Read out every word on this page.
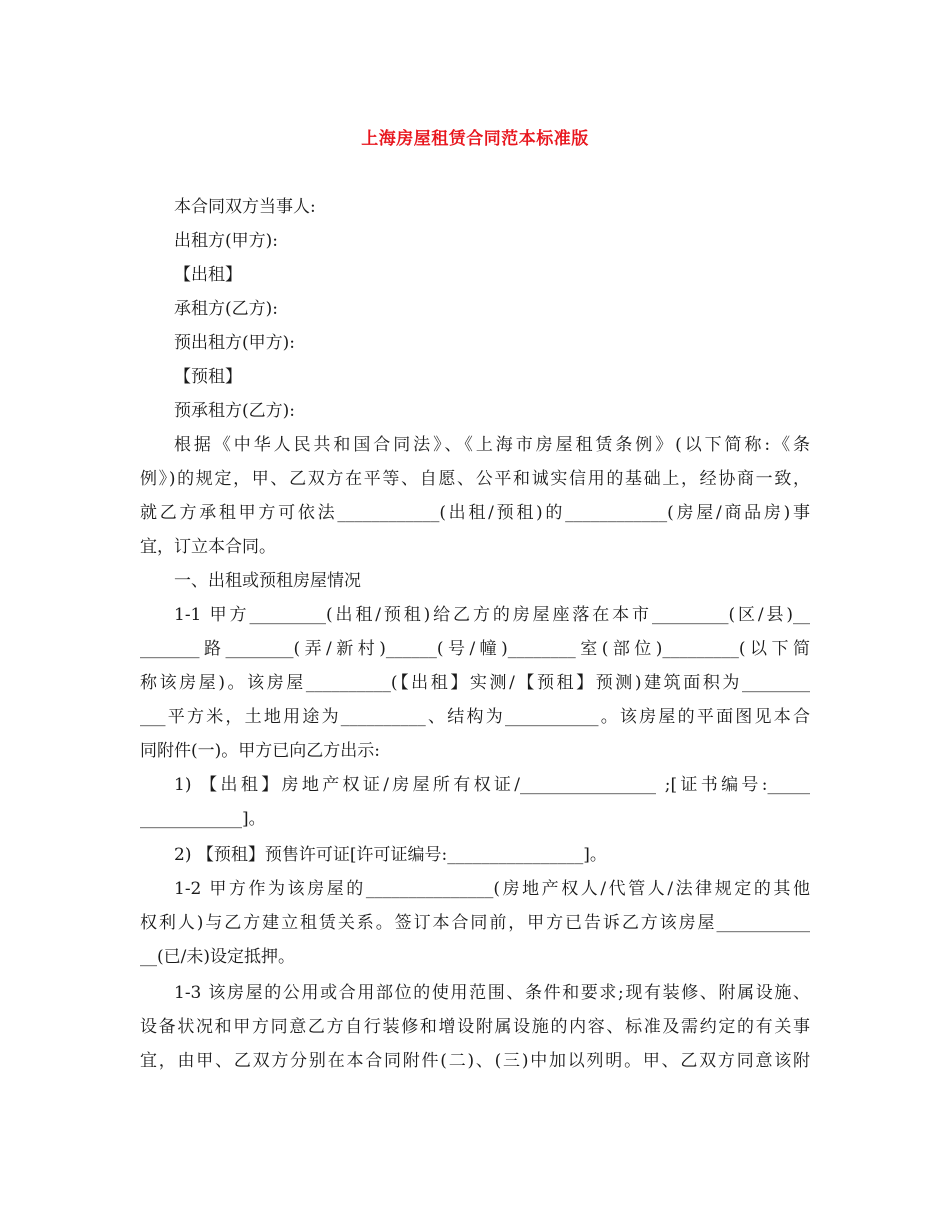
上海房屋租赁合同范本标准版
本合同双方当事人:
出租方(甲方):
【出租】
承租方(乙方):
预出租方(甲方):
【预租】
预承租方(乙方):
根据《中华人民共和国合同法》、《上海市房屋租赁条例》(以下简称:《条
例》)的规定，甲、乙双方在平等、自愿、公平和诚实信用的基础上，经协商一致，
就乙方承租甲方可依法____________(出租/预租)的____________(房屋/商品房)事
宜，订立本合同。
一、出租或预租房屋情况
1-1 甲方_________(出租/预租)给乙方的房屋座落在本市_________(区/县)__
_______路________(弄/新村)______(号/幢)________室(部位)_________(以下简
称该房屋)。该房屋__________(【出租】实测/【预租】预测)建筑面积为________
___平方米，土地用途为__________、结构为___________。该房屋的平面图见本合
同附件(一)。甲方已向乙方出示:
1) 【出租】房地产权证/房屋所有权证/________________ ;[证书编号:_____
____________]。
2) 【预租】预售许可证[许可证编号:________________]。
1-2 甲方作为该房屋的_______________(房地产权人/代管人/法律规定的其他
权利人)与乙方建立租赁关系。签订本合同前，甲方已告诉乙方该房屋___________
__(已/未)设定抵押。
1-3 该房屋的公用或合用部位的使用范围、条件和要求;现有装修、附属设施、
设备状况和甲方同意乙方自行装修和增设附属设施的内容、标准及需约定的有关事
宜，由甲、乙双方分别在本合同附件(二)、(三)中加以列明。甲、乙双方同意该附
